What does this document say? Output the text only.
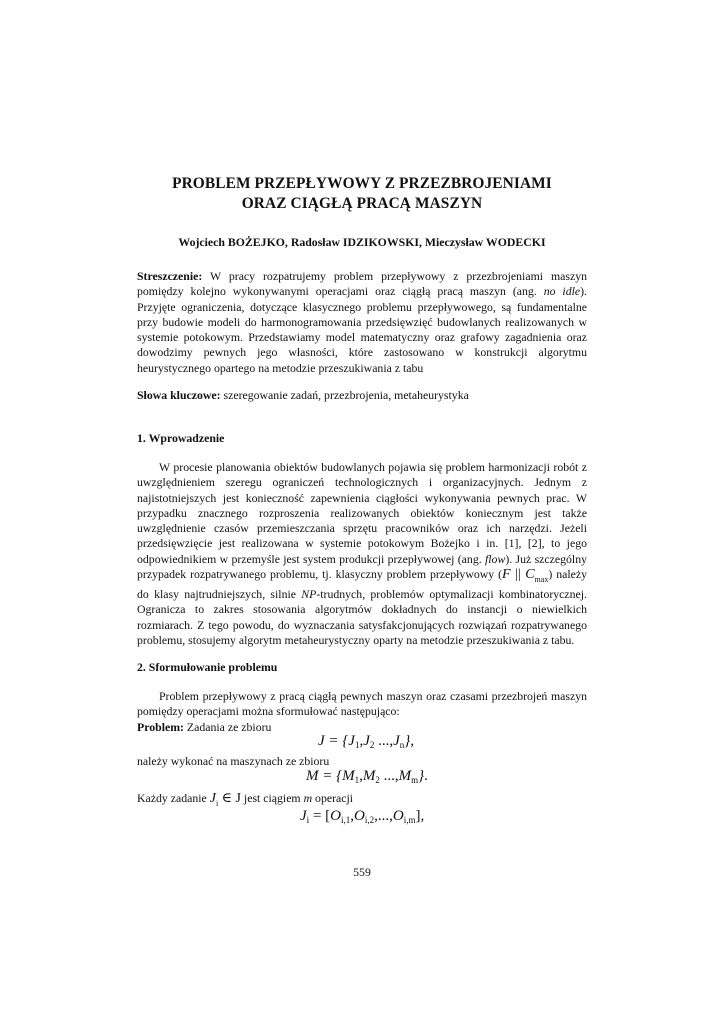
PROBLEM PRZEPŁYWOWY Z PRZEZBROJENIAMI
ORAZ CIĄGŁĄ PRACĄ MASZYN
Wojciech BOŻEJKO, Radosław IDZIKOWSKI, Mieczysław WODECKI

Streszczenie: W pracy rozpatrujemy problem przepływowy z przezbrojeniami maszyn pomiędzy kolejno wykonywanymi operacjami oraz ciągłą pracą maszyn (ang. no idle). Przyjęte ograniczenia, dotyczące klasycznego problemu przepływowego, są fundamentalne przy budowie modeli do harmonogramowania przedsięwzięć budowlanych realizowanych w systemie potokowym. Przedstawiamy model matematyczny oraz grafowy zagadnienia oraz dowodzimy pewnych jego własności, które zastosowano w konstrukcji algorytmu heurystycznego opartego na metodzie przeszukiwania z tabu

Słowa kluczowe: szeregowanie zadań, przezbrojenia, metaheurystyka

1. Wprowadzenie

W procesie planowania obiektów budowlanych pojawia się problem harmonizacji robót z uwzględnieniem szeregu ograniczeń technologicznych i organizacyjnych. Jednym z najistotniejszych jest konieczność zapewnienia ciągłości wykonywania pewnych prac. W przypadku znacznego rozproszenia realizowanych obiektów koniecznym jest także uwzględnienie czasów przemieszczania sprzętu pracowników oraz ich narzędzi. Jeżeli przedsięwzięcie jest realizowana w systemie potokowym Bożejko i in. [1], [2], to jego odpowiednikiem w przemyśle jest system produkcji przepływowej (ang. flow). Już szczególny przypadek rozpatrywanego problemu, tj. klasyczny problem przepływowy (F || $C_{max}$) należy do klasy najtrudniejszych, silnie NP-trudnych, problemów optymalizacji kombinatorycznej. Ogranicza to zakres stosowania algorytmów dokładnych do instancji o niewielkich rozmiarach. Z tego powodu, do wyznaczania satysfakcjonujących rozwiązań rozpatrywanego problemu, stosujemy algorytm metaheurystyczny oparty na metodzie przeszukiwania z tabu.

2. Sformułowanie problemu

Problem przepływowy z pracą ciągłą pewnych maszyn oraz czasami przezbrojeń maszyn pomiędzy operacjami można sformułować następująco:

Problem: Zadania ze zbioru

$J = \{J_1,J_2$ $...,J_n$},
należy wykonać na maszynach ze zbioru
$M = \{M_1,M_2$ $...,M_m$}.

Każdy zadanie $J_i$ ∈ J jest ciągiem m operacji

$J_i = [O_{i,1},O_{i,2},...,O_{i,m}]$,
559
